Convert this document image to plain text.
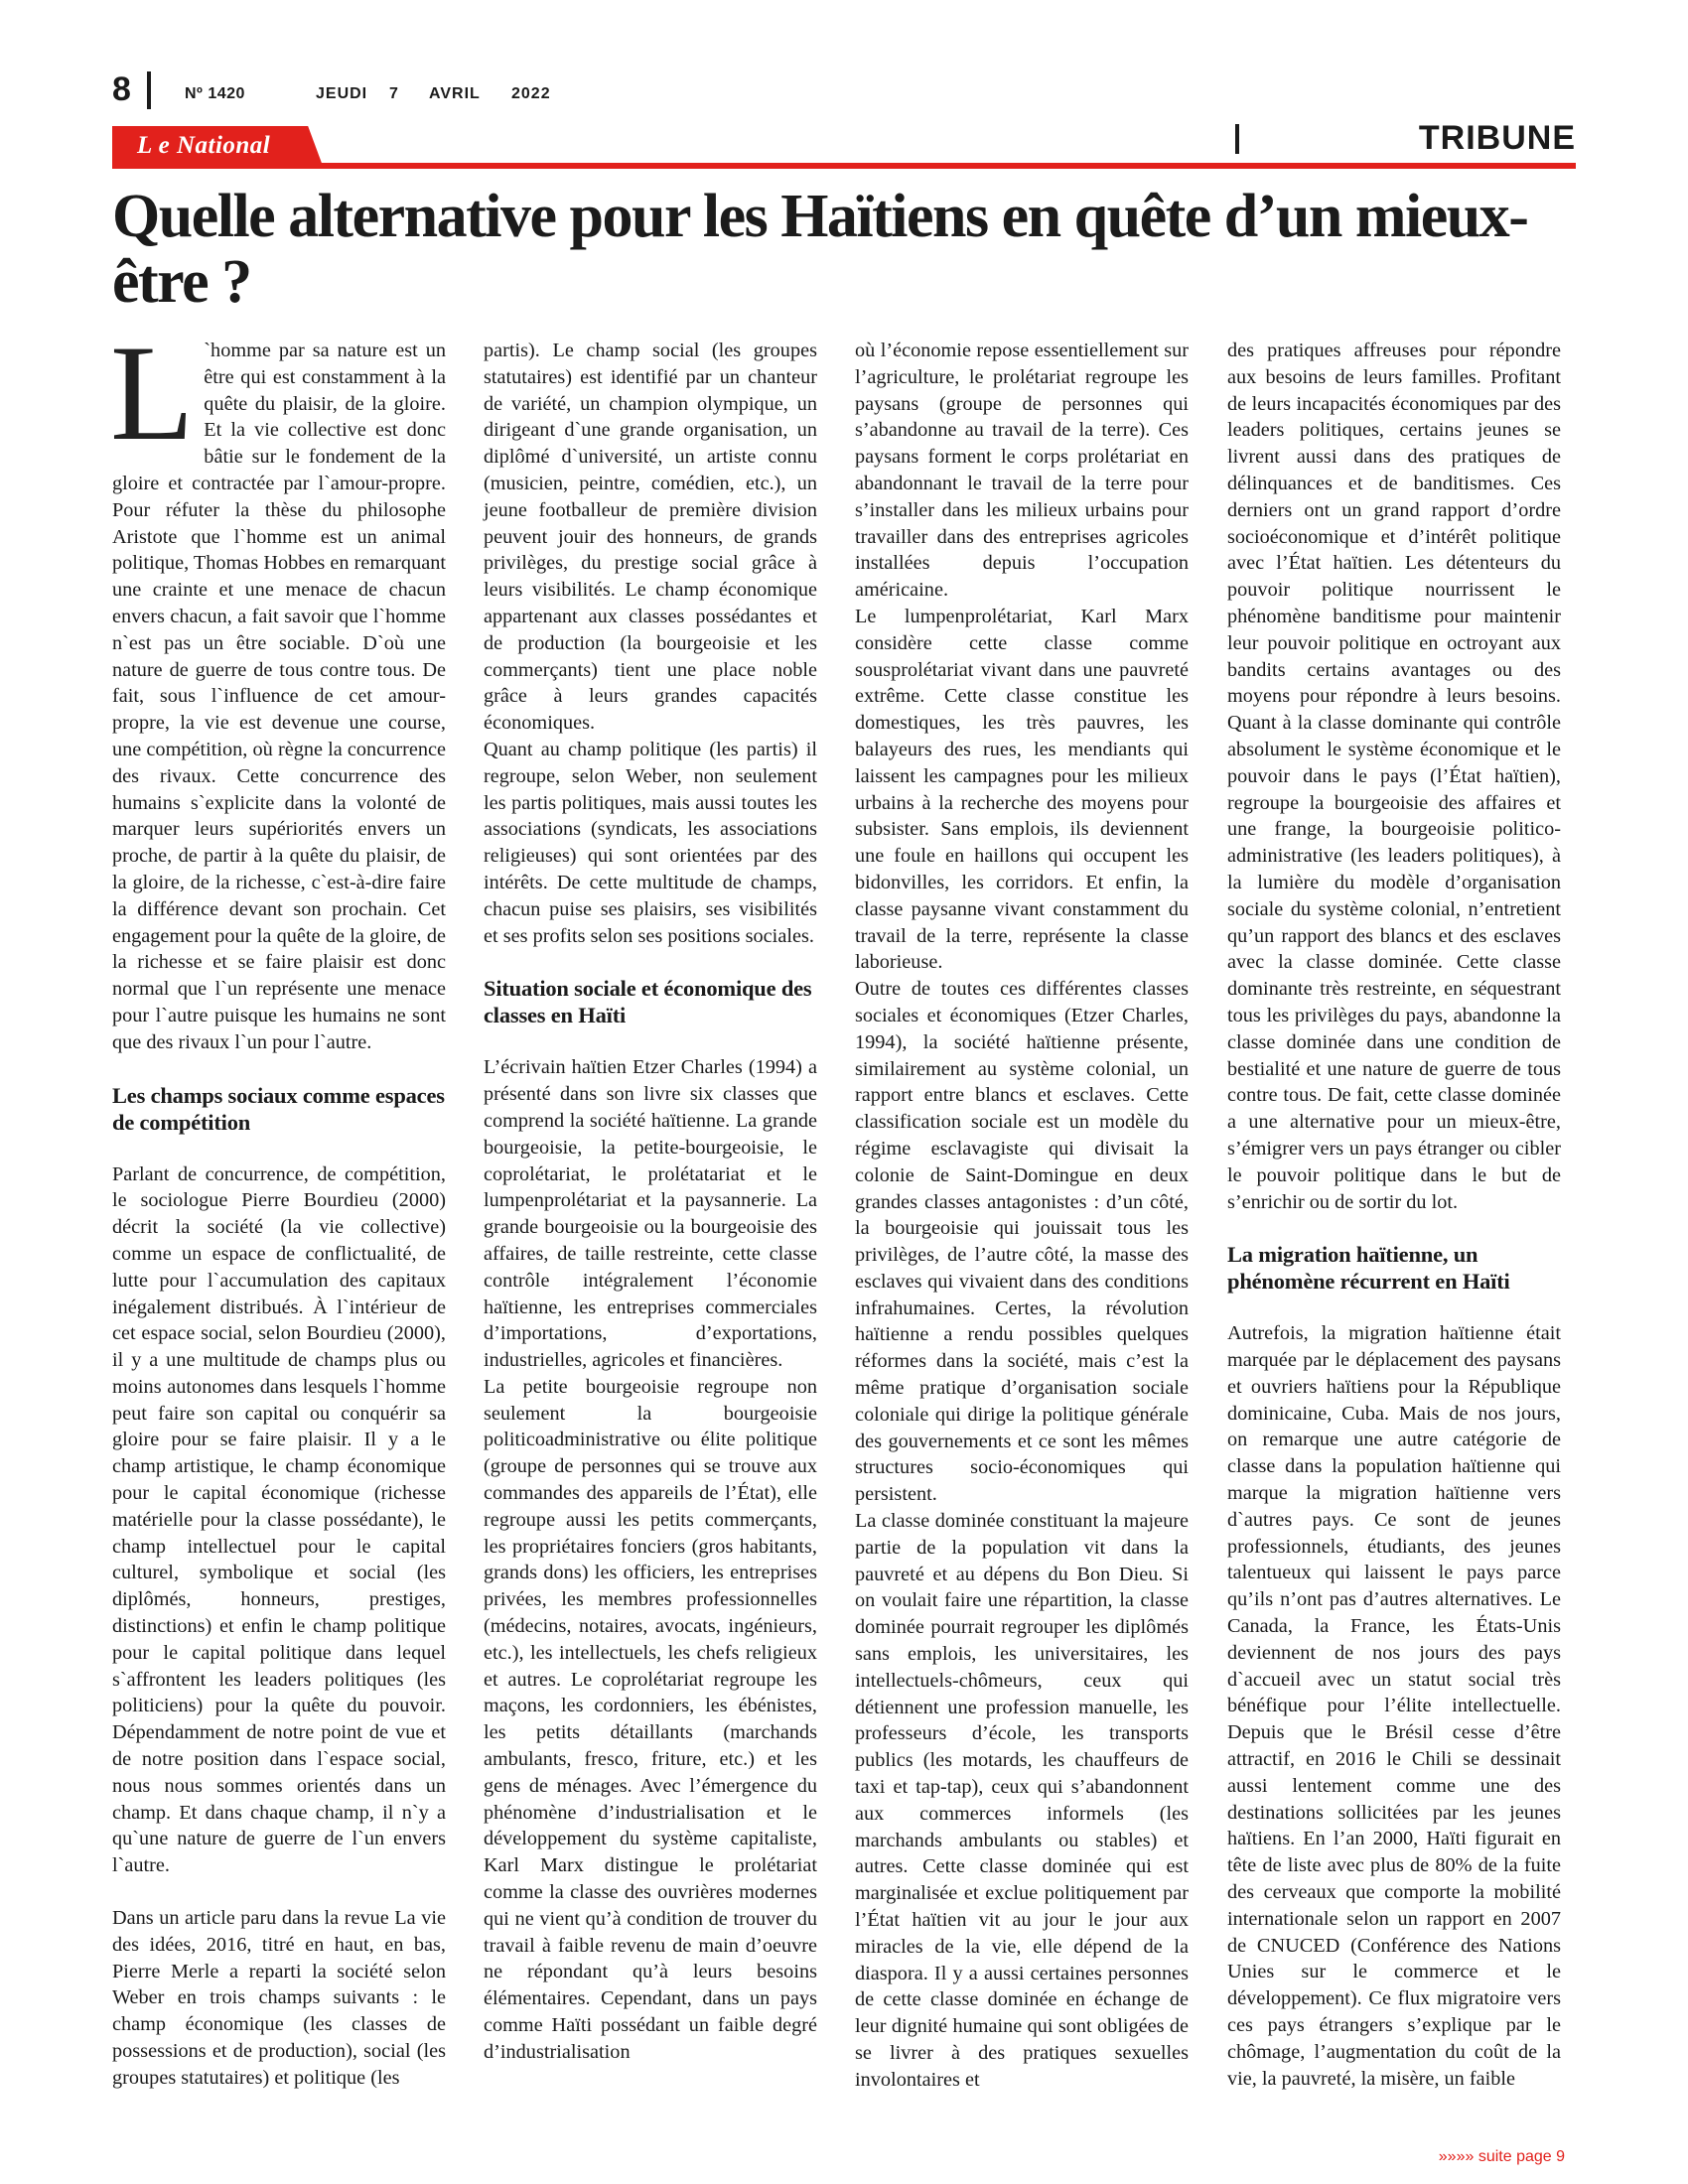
8	Nº 1420	JEUDI 7 AVRIL 2022
L e National	TRIBUNE
Quelle alternative pour les Haïtiens en quête d’un mieux-être ?

L `homme par sa nature est un être qui est constamment à la quête du plaisir, de la gloire. Et la vie collective est donc bâtie sur le fondement de la gloire et contractée par l`amour-propre. Pour réfuter la thèse du philosophe Aristote que l`homme est un animal politique, Thomas Hobbes en remarquant une crainte et une menace de chacun envers chacun, a fait savoir que l`homme n`est pas un être sociable. D`où une nature de guerre de tous contre tous. De fait, sous l`influence de cet amour-propre, la vie est devenue une course, une compétition, où règne la concurrence des rivaux. Cette concurrence des humains s`explicite dans la volonté de marquer leurs supériorités envers un proche, de partir à la quête du plaisir, de la gloire, de la richesse, c`est-à-dire faire la différence devant son prochain. Cet engagement pour la quête de la gloire, de la richesse et se faire plaisir est donc normal que l`un représente une menace pour l`autre puisque les humains ne sont que des rivaux l`un pour l`autre.

Les champs sociaux comme espaces de compétition

Parlant de concurrence, de compétition, le sociologue Pierre Bourdieu (2000) décrit la société (la vie collective) comme un espace de conflictualité, de lutte pour l`accumulation des capitaux inégalement distribués. À l`intérieur de cet espace social, selon Bourdieu (2000), il y a une multitude de champs plus ou moins autonomes dans lesquels l`homme peut faire son capital ou conquérir sa gloire pour se faire plaisir. Il y a le champ artistique, le champ économique pour le capital économique (richesse matérielle pour la classe possédante), le champ intellectuel pour le capital culturel, symbolique et social (les diplômés, honneurs, prestiges, distinctions) et enfin le champ politique pour le capital politique dans lequel s`affrontent les leaders politiques (les politiciens) pour la quête du pouvoir. Dépendamment de notre point de vue et de notre position dans l`espace social, nous nous sommes orientés dans un champ. Et dans chaque champ, il n`y a qu`une nature de guerre de l`un envers l`autre.

Dans un article paru dans la revue La vie des idées, 2016, titré en haut, en bas, Pierre Merle a reparti la société selon Weber en trois champs suivants : le champ économique (les classes de possessions et de production), social (les groupes statutaires) et politique (les

partis). Le champ social (les groupes statutaires) est identifié par un chanteur de variété, un champion olympique, un dirigeant d`une grande organisation, un diplômé d`université, un artiste connu (musicien, peintre, comédien, etc.), un jeune footballeur de première division peuvent jouir des honneurs, de grands privilèges, du prestige social grâce à leurs visibilités. Le champ économique appartenant aux classes possédantes et de production (la bourgeoisie et les commerçants) tient une place noble grâce à leurs grandes capacités économiques.

Quant au champ politique (les partis) il regroupe, selon Weber, non seulement les partis politiques, mais aussi toutes les associations (syndicats, les associations religieuses) qui sont orientées par des intérêts. De cette multitude de champs, chacun puise ses plaisirs, ses visibilités et ses profits selon ses positions sociales.

Situation sociale et économique des classes en Haïti

L’écrivain haïtien Etzer Charles (1994) a présenté dans son livre six classes que comprend la société haïtienne. La grande bourgeoisie, la petite-bourgeoisie, le coprolétariat, le prolétatariat et le lumpenprolétariat et la paysannerie. La grande bourgeoisie ou la bourgeoisie des affaires, de taille restreinte, cette classe contrôle intégralement l’économie haïtienne, les entreprises commerciales d’importations, d’exportations, industrielles, agricoles et financières.

La petite bourgeoisie regroupe non seulement la bourgeoisie politicoadministrative ou élite politique (groupe de personnes qui se trouve aux commandes des appareils de l’État), elle regroupe aussi les petits commerçants, les propriétaires fonciers (gros habitants, grands dons) les officiers, les entreprises privées, les membres professionnelles (médecins, notaires, avocats, ingénieurs, etc.), les intellectuels, les chefs religieux et autres. Le coprolétariat regroupe les maçons, les cordonniers, les ébénistes, les petits détaillants (marchands ambulants, fresco, friture, etc.) et les gens de ménages. Avec l’émergence du phénomène d’industrialisation et le développement du système capitaliste, Karl Marx distingue le prolétariat comme la classe des ouvrières modernes qui ne vient qu’à condition de trouver du travail à faible revenu de main d’oeuvre ne répondant qu’à leurs besoins élémentaires. Cependant, dans un pays comme Haïti possédant un faible degré d’industrialisation

où l’économie repose essentiellement sur l’agriculture, le prolétariat regroupe les paysans (groupe de personnes qui s’abandonne au travail de la terre). Ces paysans forment le corps prolétariat en abandonnant le travail de la terre pour s’installer dans les milieux urbains pour travailler dans des entreprises agricoles installées depuis l’occupation américaine.

Le lumpenprolétariat, Karl Marx considère cette classe comme sousprolétariat vivant dans une pauvreté extrême. Cette classe constitue les domestiques, les très pauvres, les balayeurs des rues, les mendiants qui laissent les campagnes pour les milieux urbains à la recherche des moyens pour subsister. Sans emplois, ils deviennent une foule en haillons qui occupent les bidonvilles, les corridors. Et enfin, la classe paysanne vivant constamment du travail de la terre, représente la classe laborieuse.

Outre de toutes ces différentes classes sociales et économiques (Etzer Charles, 1994), la société haïtienne présente, similairement au système colonial, un rapport entre blancs et esclaves. Cette classification sociale est un modèle du régime esclavagiste qui divisait la colonie de Saint-Domingue en deux grandes classes antagonistes : d’un côté, la bourgeoisie qui jouissait tous les privilèges, de l’autre côté, la masse des esclaves qui vivaient dans des conditions infrahumaines. Certes, la révolution haïtienne a rendu possibles quelques réformes dans la société, mais c’est la même pratique d’organisation sociale coloniale qui dirige la politique générale des gouvernements et ce sont les mêmes structures socio-économiques qui persistent.

La classe dominée constituant la majeure partie de la population vit dans la pauvreté et au dépens du Bon Dieu. Si on voulait faire une répartition, la classe dominée pourrait regrouper les diplômés sans emplois, les universitaires, les intellectuels-chômeurs, ceux qui détiennent une profession manuelle, les professeurs d’école, les transports publics (les motards, les chauffeurs de taxi et tap-tap), ceux qui s’abandonnent aux commerces informels (les marchands ambulants ou stables) et autres. Cette classe dominée qui est marginalisée et exclue politiquement par l’État haïtien vit au jour le jour aux miracles de la vie, elle dépend de la diaspora. Il y a aussi certaines personnes de cette classe dominée en échange de leur dignité humaine qui sont obligées de se livrer à des pratiques sexuelles involontaires et

des pratiques affreuses pour répondre aux besoins de leurs familles. Profitant de leurs incapacités économiques par des leaders politiques, certains jeunes se livrent aussi dans des pratiques de délinquances et de banditismes. Ces derniers ont un grand rapport d’ordre socioéconomique et d’intérêt politique avec l’État haïtien. Les détenteurs du pouvoir politique nourrissent le phénomène banditisme pour maintenir leur pouvoir politique en octroyant aux bandits certains avantages ou des moyens pour répondre à leurs besoins. Quant à la classe dominante qui contrôle absolument le système économique et le pouvoir dans le pays (l’État haïtien), regroupe la bourgeoisie des affaires et une frange, la bourgeoisie politico-administrative (les leaders politiques), à la lumière du modèle d’organisation sociale du système colonial, n’entretient qu’un rapport des blancs et des esclaves avec la classe dominée. Cette classe dominante très restreinte, en séquestrant tous les privilèges du pays, abandonne la classe dominée dans une condition de bestialité et une nature de guerre de tous contre tous. De fait, cette classe dominée a une alternative pour un mieux-être, s’émigrer vers un pays étranger ou cibler le pouvoir politique dans le but de s’enrichir ou de sortir du lot.

La migration haïtienne, un phénomène récurrent en Haïti

Autrefois, la migration haïtienne était marquée par le déplacement des paysans et ouvriers haïtiens pour la République dominicaine, Cuba. Mais de nos jours, on remarque une autre catégorie de classe dans la population haïtienne qui marque la migration haïtienne vers d`autres pays. Ce sont de jeunes professionnels, étudiants, des jeunes talentueux qui laissent le pays parce qu’ils n’ont pas d’autres alternatives. Le Canada, la France, les États-Unis deviennent de nos jours des pays d`accueil avec un statut social très bénéfique pour l’élite intellectuelle. Depuis que le Brésil cesse d’être attractif, en 2016 le Chili se dessinait aussi lentement comme une des destinations sollicitées par les jeunes haïtiens. En l’an 2000, Haïti figurait en tête de liste avec plus de 80% de la fuite des cerveaux que comporte la mobilité internationale selon un rapport en 2007 de CNUCED (Conférence des Nations Unies sur le commerce et le développement). Ce flux migratoire vers ces pays étrangers s’explique par le chômage, l’augmentation du coût de la vie, la pauvreté, la misère, un faible

»»»» suite page 9
